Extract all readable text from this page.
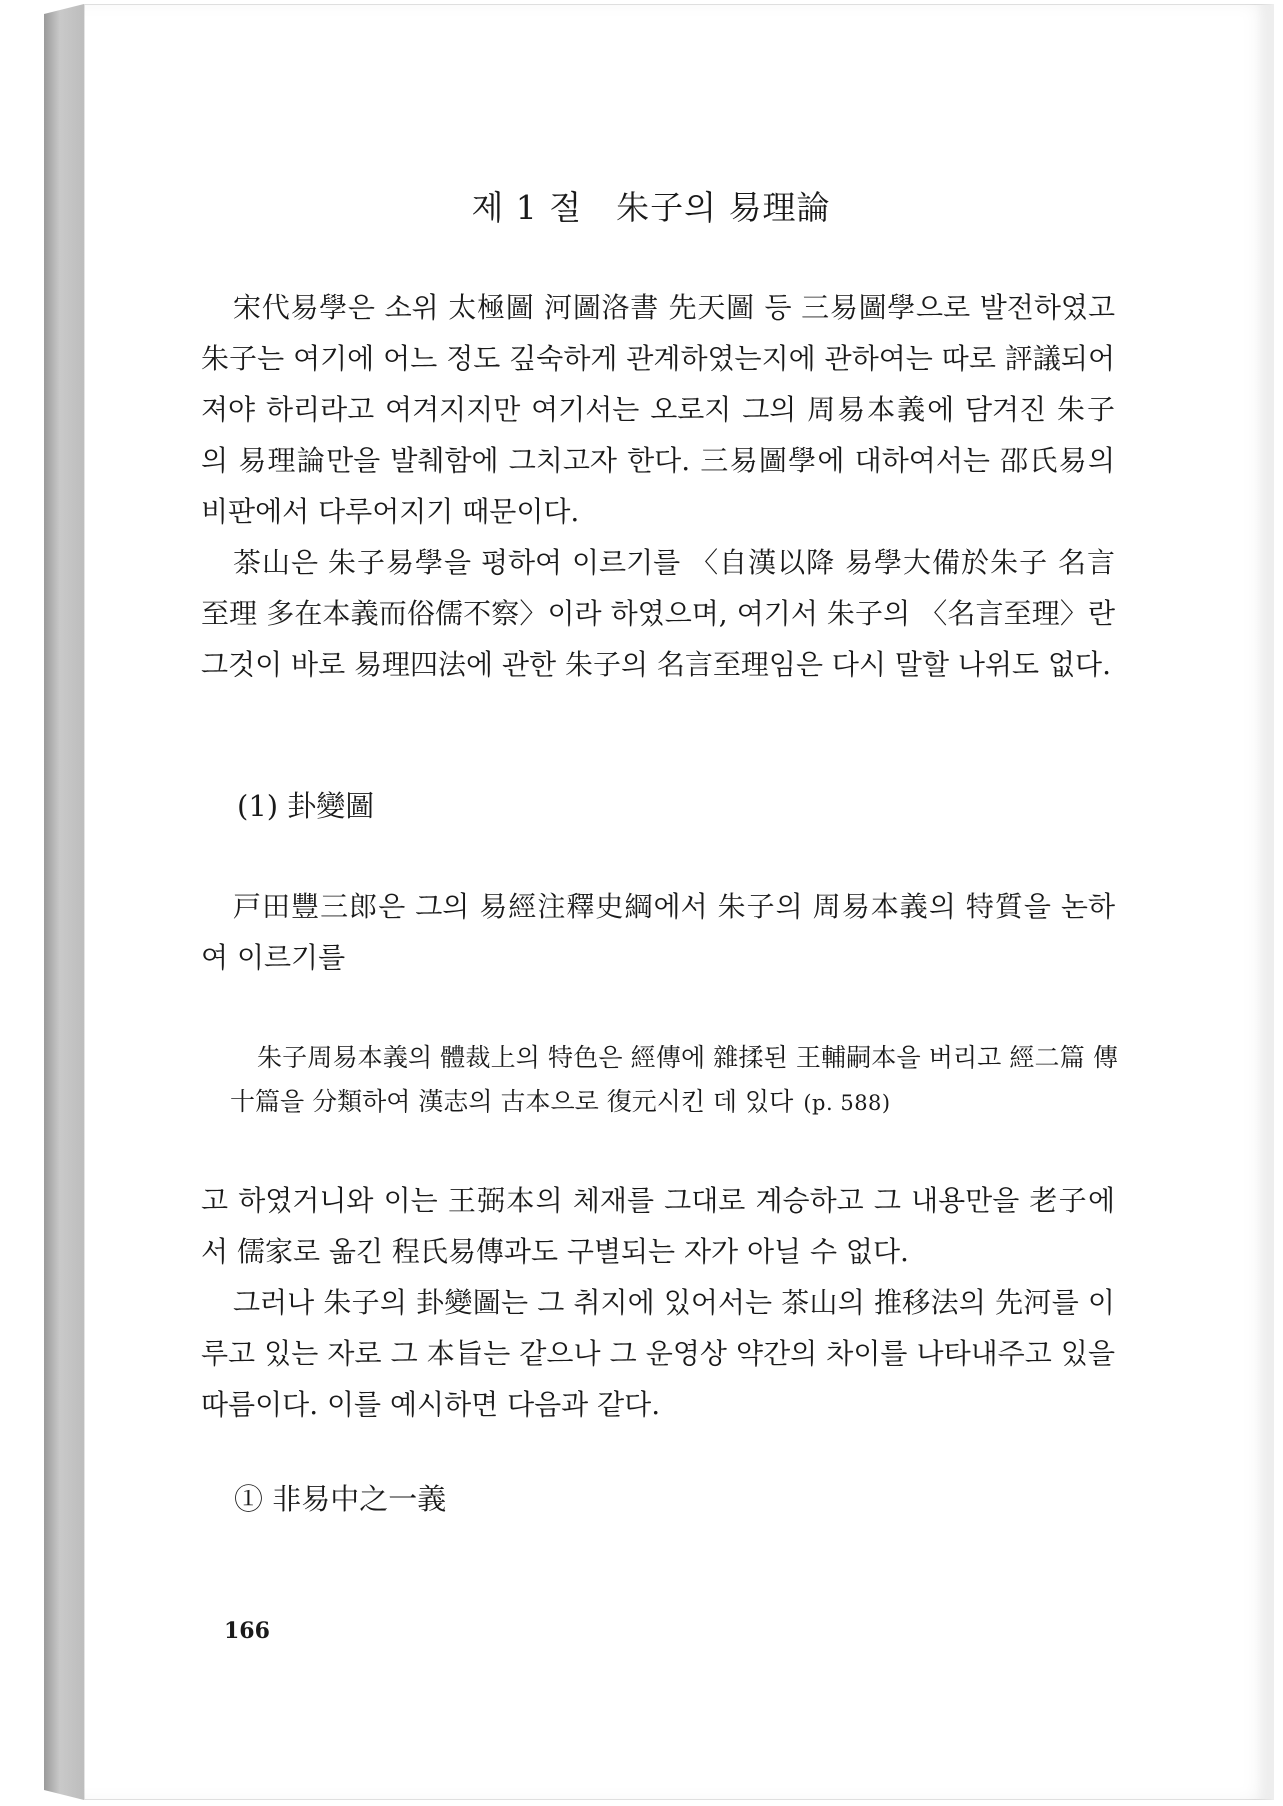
제 1 절　朱子의 易理論

宋代易學은 소위 太極圖 河圖洛書 先天圖 등 三易圖學으로 발전하였고 朱子는 여기에 어느 정도 깊숙하게 관계하였는지에 관하여는 따로 評議되어져야 하리라고 여겨지지만 여기서는 오로지 그의 周易本義에 담겨진 朱子의 易理論만을 발췌함에 그치고자 한다. 三易圖學에 대하여서는 邵氏易의 비판에서 다루어지기 때문이다.

茶山은 朱子易學을 평하여 이르기를 〈自漢以降 易學大備於朱子 名言至理 多在本義而俗儒不察〉이라 하였으며, 여기서 朱子의 〈名言至理〉란 그것이 바로 易理四法에 관한 朱子의 名言至理임은 다시 말할 나위도 없다.

(1) 卦變圖

戸田豐三郎은 그의 易經注釋史綱에서 朱子의 周易本義의 特質을 논하여 이르기를

朱子周易本義의 體裁上의 特色은 經傳에 雜揉된 王輔嗣本을 버리고 經二篇 傳十篇을 分類하여 漢志의 古本으로 復元시킨 데 있다 (p. 588)

고 하였거니와 이는 王弼本의 체재를 그대로 계승하고 그 내용만을 老子에서 儒家로 옮긴 程氏易傳과도 구별되는 자가 아닐 수 없다.

그러나 朱子의 卦變圖는 그 취지에 있어서는 茶山의 推移法의 先河를 이루고 있는 자로 그 本旨는 같으나 그 운영상 약간의 차이를 나타내주고 있을 따름이다. 이를 예시하면 다음과 같다.

① 非易中之一義

166
